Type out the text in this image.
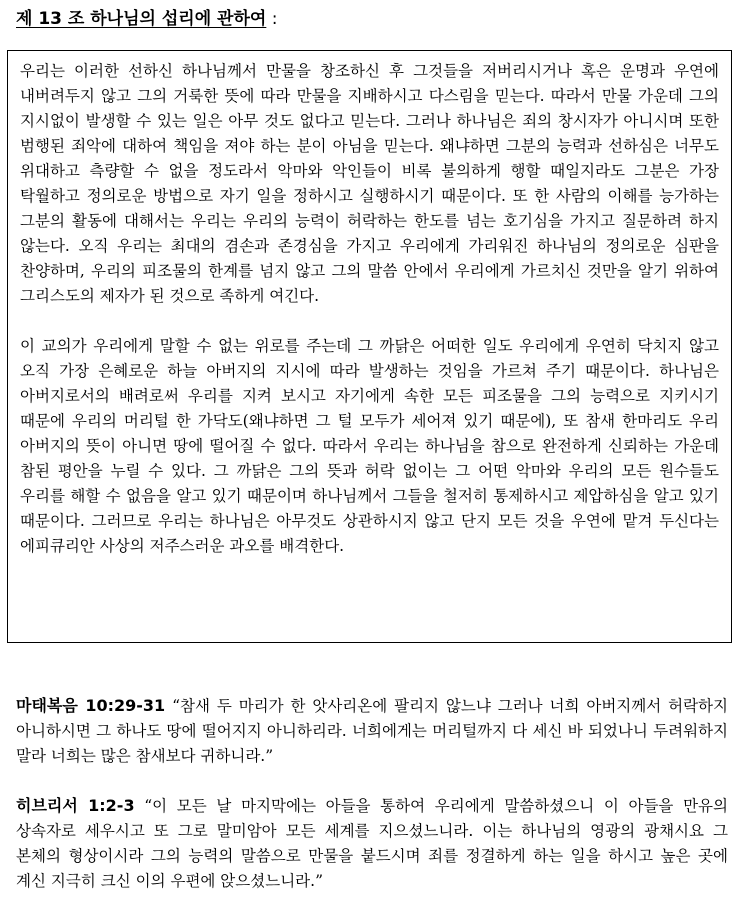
제 13 조 하나님의 섭리에 관하여 :

우리는 이러한 선하신 하나님께서 만물을 창조하신 후 그것들을 저버리시거나 혹은 운명과 우연에 내버려두지 않고 그의 거룩한 뜻에 따라 만물을 지배하시고 다스림을 믿는다. 따라서 만물 가운데 그의 지시없이 발생할 수 있는 일은 아무 것도 없다고 믿는다. 그러나 하나님은 죄의 창시자가 아니시며 또한 범행된 죄악에 대하여 책임을 져야 하는 분이 아님을 믿는다. 왜냐하면 그분의 능력과 선하심은 너무도 위대하고 측량할 수 없을 정도라서 악마와 악인들이 비록 불의하게 행할 때일지라도 그분은 가장 탁월하고 정의로운 방법으로 자기 일을 정하시고 실행하시기 때문이다. 또 한 사람의 이해를 능가하는 그분의 활동에 대해서는 우리는 우리의 능력이 허락하는 한도를 넘는 호기심을 가지고 질문하려 하지 않는다. 오직 우리는 최대의 겸손과 존경심을 가지고 우리에게 가리워진 하나님의 정의로운 심판을 찬양하며, 우리의 피조물의 한계를 넘지 않고 그의 말씀 안에서 우리에게 가르치신 것만을 알기 위하여 그리스도의 제자가 된 것으로 족하게 여긴다.

이 교의가 우리에게 말할 수 없는 위로를 주는데 그 까닭은 어떠한 일도 우리에게 우연히 닥치지 않고 오직 가장 은혜로운 하늘 아버지의 지시에 따라 발생하는 것임을 가르쳐 주기 때문이다. 하나님은 아버지로서의 배려로써 우리를 지켜 보시고 자기에게 속한 모든 피조물을 그의 능력으로 지키시기 때문에 우리의 머리털 한 가닥도(왜냐하면 그 털 모두가 세어져 있기 때문에), 또 참새 한마리도 우리 아버지의 뜻이 아니면 땅에 떨어질 수 없다. 따라서 우리는 하나님을 참으로 완전하게 신뢰하는 가운데 참된 평안을 누릴 수 있다. 그 까닭은 그의 뜻과 허락 없이는 그 어떤 악마와 우리의 모든 원수들도 우리를 해할 수 없음을 알고 있기 때문이며 하나님께서 그들을 철저히 통제하시고 제압하심을 알고 있기 때문이다. 그러므로 우리는 하나님은 아무것도 상관하시지 않고 단지 모든 것을 우연에 맡겨 두신다는 에피큐리안 사상의 저주스러운 과오를 배격한다.

마태복음 10:29-31 “참새 두 마리가 한 앗사리온에 팔리지 않느냐 그러나 너희 아버지께서 허락하지 아니하시면 그 하나도 땅에 떨어지지 아니하리라. 너희에게는 머리털까지 다 세신 바 되었나니 두려워하지 말라 너희는 많은 참새보다 귀하니라.”

히브리서 1:2-3 “이 모든 날 마지막에는 아들을 통하여 우리에게 말씀하셨으니 이 아들을 만유의 상속자로 세우시고 또 그로 말미암아 모든 세계를 지으셨느니라. 이는 하나님의 영광의 광채시요 그 본체의 형상이시라 그의 능력의 말씀으로 만물을 붙드시며 죄를 정결하게 하는 일을 하시고 높은 곳에 계신 지극히 크신 이의 우편에 앉으셨느니라.”
